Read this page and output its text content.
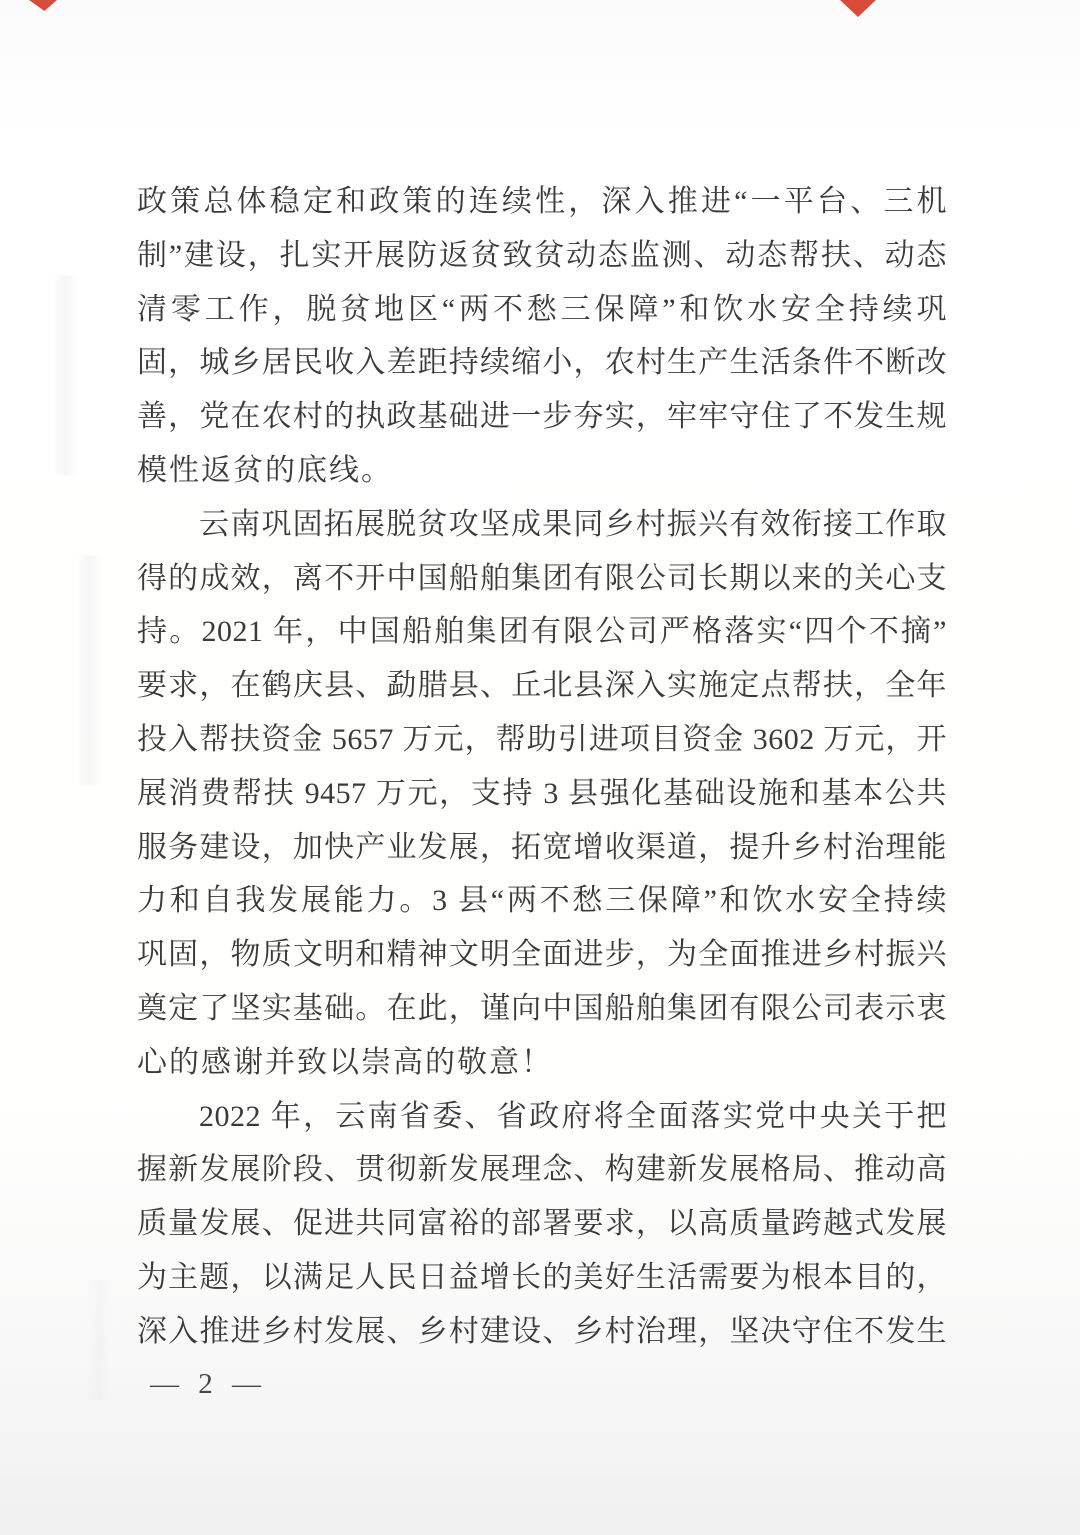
政策总体稳定和政策的连续性，深入推进“一平台、三机
制”建设，扎实开展防返贫致贫动态监测、动态帮扶、动态
清零工作，脱贫地区“两不愁三保障”和饮水安全持续巩
固，城乡居民收入差距持续缩小，农村生产生活条件不断改
善，党在农村的执政基础进一步夯实，牢牢守住了不发生规
模性返贫的底线。
云南巩固拓展脱贫攻坚成果同乡村振兴有效衔接工作取
得的成效，离不开中国船舶集团有限公司长期以来的关心支
持。2021 年，中国船舶集团有限公司严格落实“四个不摘”
要求，在鹤庆县、勐腊县、丘北县深入实施定点帮扶，全年
投入帮扶资金 5657 万元，帮助引进项目资金 3602 万元，开
展消费帮扶 9457 万元，支持 3 县强化基础设施和基本公共
服务建设，加快产业发展，拓宽增收渠道，提升乡村治理能
力和自我发展能力。3 县“两不愁三保障”和饮水安全持续
巩固，物质文明和精神文明全面进步，为全面推进乡村振兴
奠定了坚实基础。在此，谨向中国船舶集团有限公司表示衷
心的感谢并致以崇高的敬意！
2022 年，云南省委、省政府将全面落实党中央关于把
握新发展阶段、贯彻新发展理念、构建新发展格局、推动高
质量发展、促进共同富裕的部署要求，以高质量跨越式发展
为主题，以满足人民日益增长的美好生活需要为根本目的，
深入推进乡村发展、乡村建设、乡村治理，坚决守住不发生
— 2 —
